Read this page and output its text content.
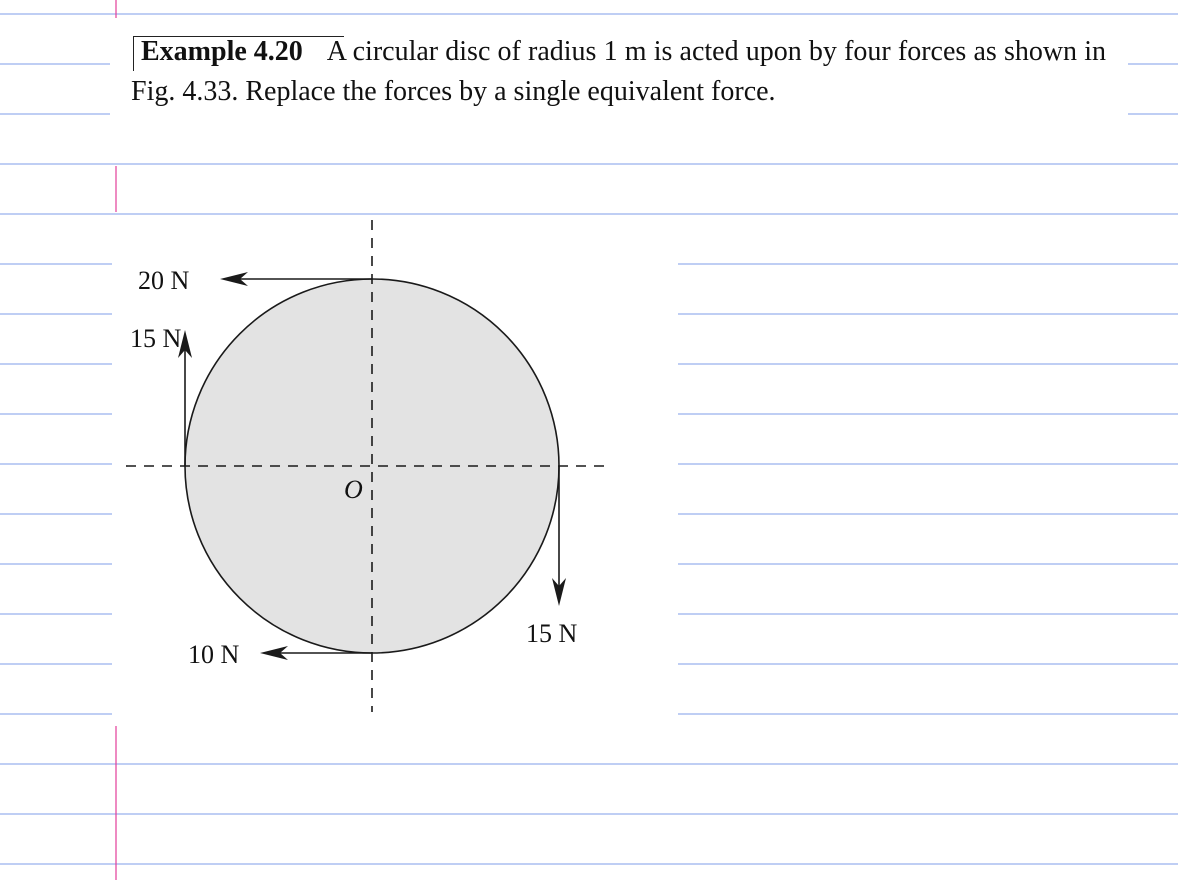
Example 4.20 A circular disc of radius 1 m is acted upon by four forces as shown in Fig. 4.33. Replace the forces by a single equivalent force.

20 N
15 N
15 N
10 N
O
